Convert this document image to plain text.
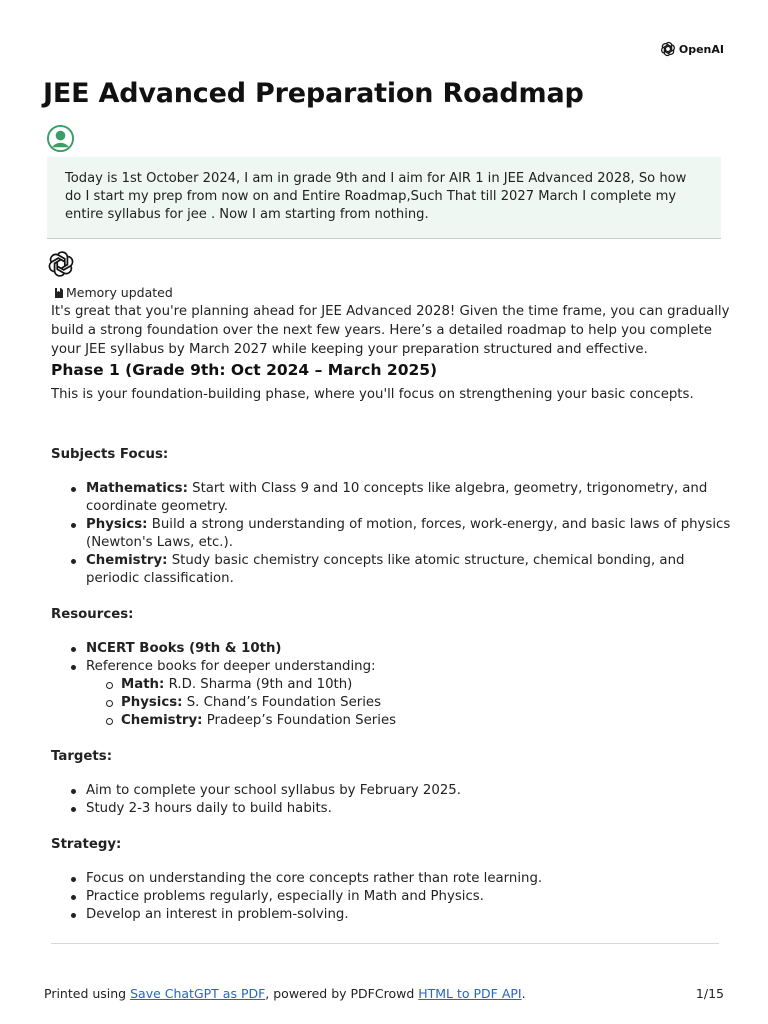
OpenAI
JEE Advanced Preparation Roadmap
Today is 1st October 2024, I am in grade 9th and I aim for AIR 1 in JEE Advanced 2028, So how do I start my prep from now on and Entire Roadmap,Such That till 2027 March I complete my entire syllabus for jee . Now I am starting from nothing.
Memory updated

It's great that you're planning ahead for JEE Advanced 2028! Given the time frame, you can gradually build a strong foundation over the next few years. Here’s a detailed roadmap to help you complete your JEE syllabus by March 2027 while keeping your preparation structured and effective.

Phase 1 (Grade 9th: Oct 2024 – March 2025)

This is your foundation-building phase, where you'll focus on strengthening your basic concepts.

Subjects Focus:

Mathematics: Start with Class 9 and 10 concepts like algebra, geometry, trigonometry, and coordinate geometry.
Physics: Build a strong understanding of motion, forces, work-energy, and basic laws of physics (Newton's Laws, etc.).
Chemistry: Study basic chemistry concepts like atomic structure, chemical bonding, and periodic classification.

Resources:

NCERT Books (9th & 10th)
Reference books for deeper understanding:
Math: R.D. Sharma (9th and 10th)
Physics: S. Chand’s Foundation Series
Chemistry: Pradeep’s Foundation Series

Targets:

Aim to complete your school syllabus by February 2025.
Study 2-3 hours daily to build habits.

Strategy:

Focus on understanding the core concepts rather than rote learning.
Practice problems regularly, especially in Math and Physics.
Develop an interest in problem-solving.
Printed using Save ChatGPT as PDF, powered by PDFCrowd HTML to PDF API.	1/15
